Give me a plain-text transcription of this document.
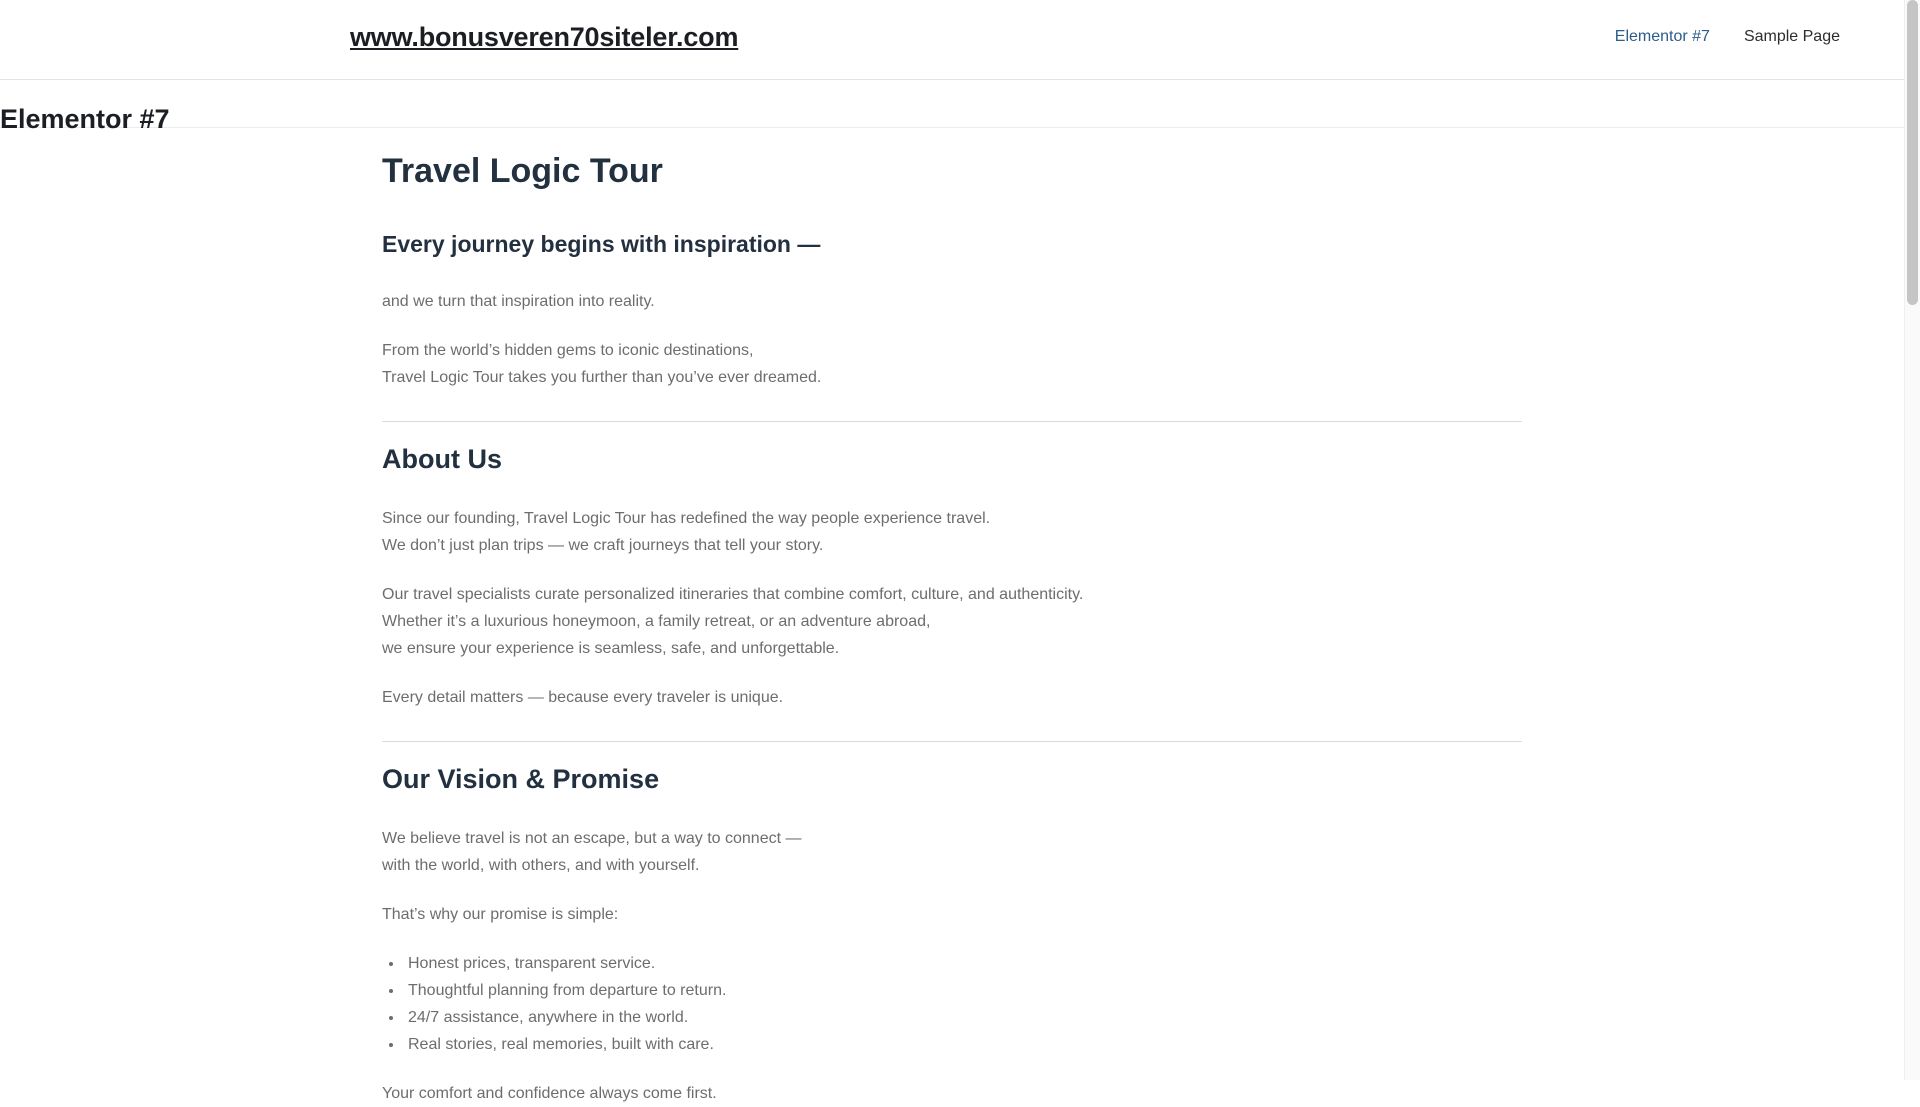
www.bonusveren70siteler.com	Elementor #7 Sample Page
Elementor #7
Travel Logic Tour
Every journey begins with inspiration —

and we turn that inspiration into reality.

From the world’s hidden gems to iconic destinations,

Travel Logic Tour takes you further than you’ve ever dreamed.

About Us

Since our founding, Travel Logic Tour has redefined the way people experience travel.

We don’t just plan trips — we craft journeys that tell your story.

Our travel specialists curate personalized itineraries that combine comfort, culture, and authenticity.

Whether it’s a luxurious honeymoon, a family retreat, or an adventure abroad,

we ensure your experience is seamless, safe, and unforgettable.

Every detail matters — because every traveler is unique.

Our Vision & Promise

We believe travel is not an escape, but a way to connect —

with the world, with others, and with yourself.

That’s why our promise is simple:

• Honest prices, transparent service.
• Thoughtful planning from departure to return.
• 24/7 assistance, anywhere in the world.
• Real stories, real memories, built with care.

Your comfort and confidence always come first.
